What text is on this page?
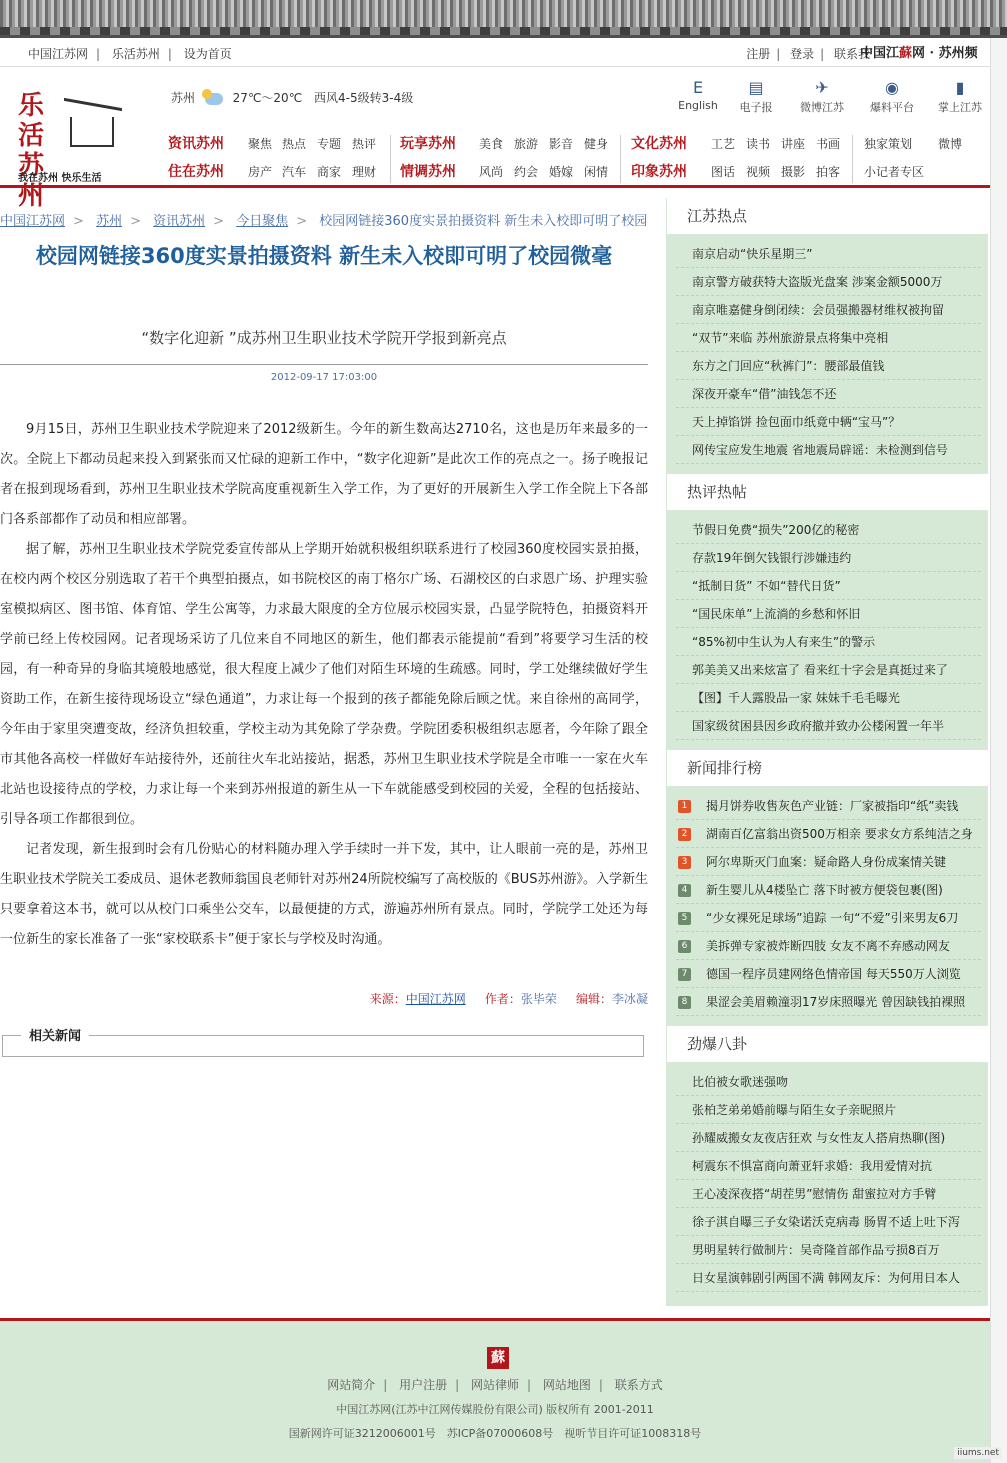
中国江苏网 | 乐活苏州 | 设为首页	注册 | 登录 | 联系我
中国江蘇网 · 苏州频
乐活苏州
我在苏州 快乐生活
苏州	27℃～20℃ 西风4-5级转3-4级
E
English
▤
电子报
✈
微博江苏
◉
爆料平台
▮
掌上江苏
资讯苏州 聚焦 热点 专题 热评 玩享苏州 美食 旅游 影音 健身 文化苏州 工艺 读书 讲座 书画 独家策划 微博
住在苏州 房产 汽车 商家 理财 情调苏州 风尚 约会 婚嫁 闲情 印象苏州 图话 视频 摄影 拍客 小记者专区
中国江苏网 > 苏州 > 资讯苏州 > 今日聚焦 > 校园网链接360度实景拍摄资料 新生未入校即可明了校园
校园网链接360度实景拍摄资料 新生未入校即可明了校园微毫
“数字化迎新 ”成苏州卫生职业技术学院开学报到新亮点
2012-09-17 17:03:00

9月15日，苏州卫生职业技术学院迎来了2012级新生。今年的新生数高达2710名，这也是历年来最多的一次。全院上下都动员起来投入到紧张而又忙碌的迎新工作中，“数字化迎新”是此次工作的亮点之一。扬子晚报记者在报到现场看到，苏州卫生职业技术学院高度重视新生入学工作，为了更好的开展新生入学工作全院上下各部门各系部都作了动员和相应部署。

据了解，苏州卫生职业技术学院党委宣传部从上学期开始就积极组织联系进行了校园360度校园实景拍摄，在校内两个校区分别选取了若干个典型拍摄点，如书院校区的南丁格尔广场、石湖校区的白求恩广场、护理实验室模拟病区、图书馆、体育馆、学生公寓等，力求最大限度的全方位展示校园实景，凸显学院特色，拍摄资料开学前已经上传校园网。记者现场采访了几位来自不同地区的新生，他们都表示能提前“看到”将要学习生活的校园，有一种奇异的身临其境般地感觉，很大程度上减少了他们对陌生环境的生疏感。同时，学工处继续做好学生资助工作，在新生接待现场设立“绿色通道”，力求让每一个报到的孩子都能免除后顾之忧。来自徐州的高同学，今年由于家里突遭变故，经济负担较重，学校主动为其免除了学杂费。学院团委积极组织志愿者，今年除了跟全市其他各高校一样做好车站接待外，还前往火车北站接站，据悉，苏州卫生职业技术学院是全市唯一一家在火车北站也设接待点的学校，力求让每一个来到苏州报道的新生从一下车就能感受到校园的关爱，全程的包括接站、引导各项工作都很到位。

记者发现，新生报到时会有几份贴心的材料随办理入学手续时一并下发，其中，让人眼前一亮的是，苏州卫生职业技术学院关工委成员、退休老教师翁国良老师针对苏州24所院校编写了高校版的《BUS苏州游》。入学新生只要拿着这本书，就可以从校门口乘坐公交车，以最便捷的方式，游遍苏州所有景点。同时，学院学工处还为每一位新生的家长准备了一张“家校联系卡”便于家长与学校及时沟通。

来源：中国江苏网 作者：张毕荣 编辑：李冰凝
相关新闻
江苏热点
南京启动“快乐星期三”
南京警方破获特大盗版光盘案 涉案金额5000万
南京唯嘉健身倒闭续：会员强搬器材维权被拘留
“双节”来临 苏州旅游景点将集中亮相
东方之门回应“秋裤门”：腰部最值钱
深夜开豪车“借”油钱怎不还
天上掉馅饼 捡包面巾纸竟中辆“宝马”？
网传宝应发生地震 省地震局辟谣：未检测到信号
热评热帖
节假日免费“损失”200亿的秘密
存款19年倒欠钱银行涉嫌违约
“抵制日货” 不如“替代日货”
“国民床单”上流淌的乡愁和怀旧
“85%初中生认为人有来生”的警示
郭美美又出来炫富了 看来红十字会是真挺过来了
【图】千人露股品一家 妹妹千毛毛曝光
国家级贫困县因乡政府撤并致办公楼闲置一年半
新闻排行榜
1	揭月饼券收售灰色产业链：厂家被指印“纸”卖钱
2	湖南百亿富翁出资500万相亲 要求女方系纯洁之身
3	阿尔卑斯灭门血案：疑命路人身份成案情关键
4	新生婴儿从4楼坠亡 落下时被方便袋包裹(图)
5	“少女裸死足球场”追踪 一句“不爱”引来男友6刀
6	美拆弹专家被炸断四肢 女友不离不弃感动网友
7	德国一程序员建网络色情帝国 每天550万人浏览
8	果涩会美眉赖潼羽17岁床照曝光 曾因缺钱拍裸照
劲爆八卦
比伯被女歌迷强吻
张柏芝弟弟婚前曝与陌生女子亲昵照片
孙耀威搬女友夜店狂欢 与女性友人搭肩热聊(图)
柯震东不惧富商向萧亚轩求婚：我用爱情对抗
王心凌深夜搭“胡茬男”慰情伤 甜蜜拉对方手臂
徐子淇自曝三子女染诺沃克病毒 肠胃不适上吐下泻
男明星转行做制片：吴奇隆首部作品亏损8百万
日女星演韩剧引两国不满 韩网友斥：为何用日本人
蘇
网站简介 | 用户注册 | 网站律师 | 网站地图 | 联系方式
中国江苏网(江苏中江网传媒股份有限公司) 版权所有 2001-2011
国新网许可证3212006001号　苏ICP备07000608号　视听节目许可证1008318号
iiums.net
